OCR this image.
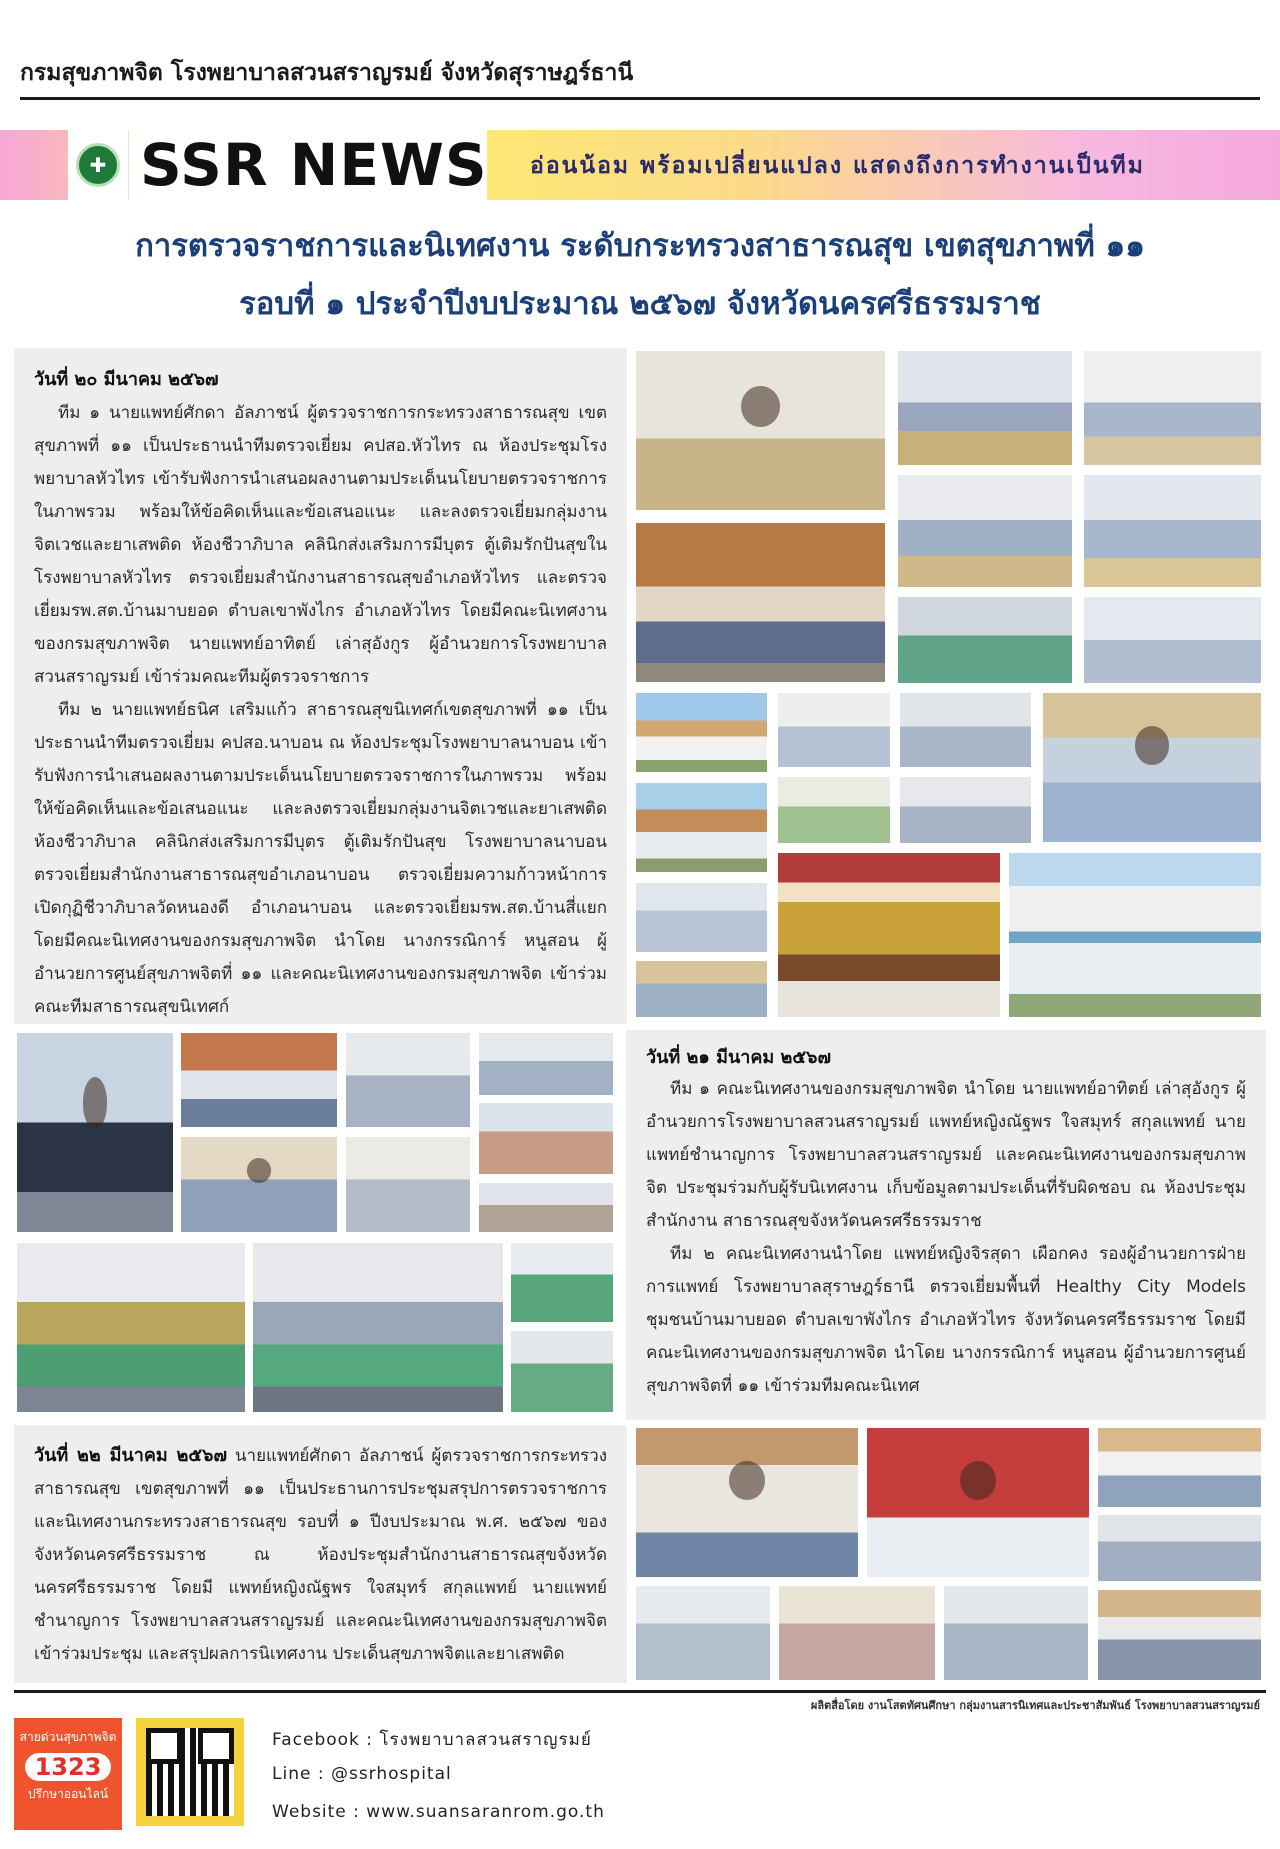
กรมสุขภาพจิต โรงพยาบาลสวนสราญรมย์ จังหวัดสุราษฎร์ธานี
✚ SSR NEWS อ่อนน้อม พร้อมเปลี่ยนแปลง แสดงถึงการทำงานเป็นทีม
การตรวจราชการและนิเทศงาน ระดับกระทรวงสาธารณสุข เขตสุขภาพที่ ๑๑
รอบที่ ๑ ประจำปีงบประมาณ ๒๕๖๗ จังหวัดนครศรีธรรมราช
วันที่ ๒๐ มีนาคม ๒๕๖๗

ทีม ๑ นายแพทย์ศักดา อัลภาชน์ ผู้ตรวจราชการกระทรวงสาธารณสุข เขตสุขภาพที่ ๑๑ เป็นประธานนำทีมตรวจเยี่ยม คปสอ.หัวไทร ณ ห้องประชุมโรงพยาบาลหัวไทร เข้ารับฟังการนำเสนอผลงานตามประเด็นนโยบายตรวจราชการในภาพรวม พร้อมให้ข้อคิดเห็นและข้อเสนอแนะ และลงตรวจเยี่ยมกลุ่มงานจิตเวชและยาเสพติด ห้องชีวาภิบาล คลินิกส่งเสริมการมีบุตร ตู้เติมรักปันสุขในโรงพยาบาลหัวไทร ตรวจเยี่ยมสำนักงานสาธารณสุขอำเภอหัวไทร และตรวจเยี่ยมรพ.สต.บ้านมาบยอด ตำบลเขาพังไกร อำเภอหัวไทร โดยมีคณะนิเทศงานของกรมสุขภาพจิต นายแพทย์อาทิตย์ เล่าสุอังกูร ผู้อำนวยการโรงพยาบาลสวนสราญรมย์ เข้าร่วมคณะทีมผู้ตรวจราชการ

ทีม ๒ นายแพทย์ธนิศ เสริมแก้ว สาธารณสุขนิเทศก์เขตสุขภาพที่ ๑๑ เป็นประธานนำทีมตรวจเยี่ยม คปสอ.นาบอน ณ ห้องประชุมโรงพยาบาลนาบอน เข้ารับฟังการนำเสนอผลงานตามประเด็นนโยบายตรวจราชการในภาพรวม พร้อมให้ข้อคิดเห็นและข้อเสนอแนะ และลงตรวจเยี่ยมกลุ่มงานจิตเวชและยาเสพติด ห้องชีวาภิบาล คลินิกส่งเสริมการมีบุตร ตู้เติมรักปันสุข โรงพยาบาลนาบอน ตรวจเยี่ยมสำนักงานสาธารณสุขอำเภอนาบอน ตรวจเยี่ยมความก้าวหน้าการเปิดกุฏิชีวาภิบาลวัดหนองดี อำเภอนาบอน และตรวจเยี่ยมรพ.สต.บ้านสี่แยก โดยมีคณะนิเทศงานของกรมสุขภาพจิต นำโดย นางกรรณิการ์ หนูสอน ผู้อำนวยการศูนย์สุขภาพจิตที่ ๑๑ และคณะนิเทศงานของกรมสุขภาพจิต เข้าร่วมคณะทีมสาธารณสุขนิเทศก์

วันที่ ๒๑ มีนาคม ๒๕๖๗

ทีม ๑ คณะนิเทศงานของกรมสุขภาพจิต นำโดย นายแพทย์อาทิตย์ เล่าสุอังกูร ผู้อำนวยการโรงพยาบาลสวนสราญรมย์ แพทย์หญิงณัฐพร ใจสมุทร์ สกุลแพทย์ นายแพทย์ชำนาญการ โรงพยาบาลสวนสราญรมย์ และคณะนิเทศงานของกรมสุขภาพจิต ประชุมร่วมกับผู้รับนิเทศงาน เก็บข้อมูลตามประเด็นที่รับผิดชอบ ณ ห้องประชุมสำนักงาน สาธารณสุขจังหวัดนครศรีธรรมราช

ทีม ๒ คณะนิเทศงานนำโดย แพทย์หญิงจิรสุดา เผือกคง รองผู้อำนวยการฝ่ายการแพทย์ โรงพยาบาลสุราษฎร์ธานี ตรวจเยี่ยมพื้นที่ Healthy City Models ชุมชนบ้านมาบยอด ตำบลเขาพังไกร อำเภอหัวไทร จังหวัดนครศรีธรรมราช โดยมีคณะนิเทศงานของกรมสุขภาพจิต นำโดย นางกรรณิการ์ หนูสอน ผู้อำนวยการศูนย์สุขภาพจิตที่ ๑๑ เข้าร่วมทีมคณะนิเทศ

วันที่ ๒๒ มีนาคม ๒๕๖๗ นายแพทย์ศักดา อัลภาชน์ ผู้ตรวจราชการกระทรวงสาธารณสุข เขตสุขภาพที่ ๑๑ เป็นประธานการประชุมสรุปการตรวจราชการและนิเทศงานกระทรวงสาธารณสุข รอบที่ ๑ ปีงบประมาณ พ.ศ. ๒๕๖๗ ของจังหวัดนครศรีธรรมราช ณ ห้องประชุมสำนักงานสาธารณสุขจังหวัดนครศรีธรรมราช โดยมี แพทย์หญิงณัฐพร ใจสมุทร์ สกุลแพทย์ นายแพทย์ชำนาญการ โรงพยาบาลสวนสราญรมย์ และคณะนิเทศงานของกรมสุขภาพจิต เข้าร่วมประชุม และสรุปผลการนิเทศงาน ประเด็นสุขภาพจิตและยาเสพติด
ผลิตสื่อโดย งานโสตทัศนศึกษา กลุ่มงานสารนิเทศและประชาสัมพันธ์ โรงพยาบาลสวนสราญรมย์
สายด่วนสุขภาพจิต
1323
ปรึกษาออนไลน์
Facebook : โรงพยาบาลสวนสราญรมย์
Line : @ssrhospital
Website : www.suansaranrom.go.th
